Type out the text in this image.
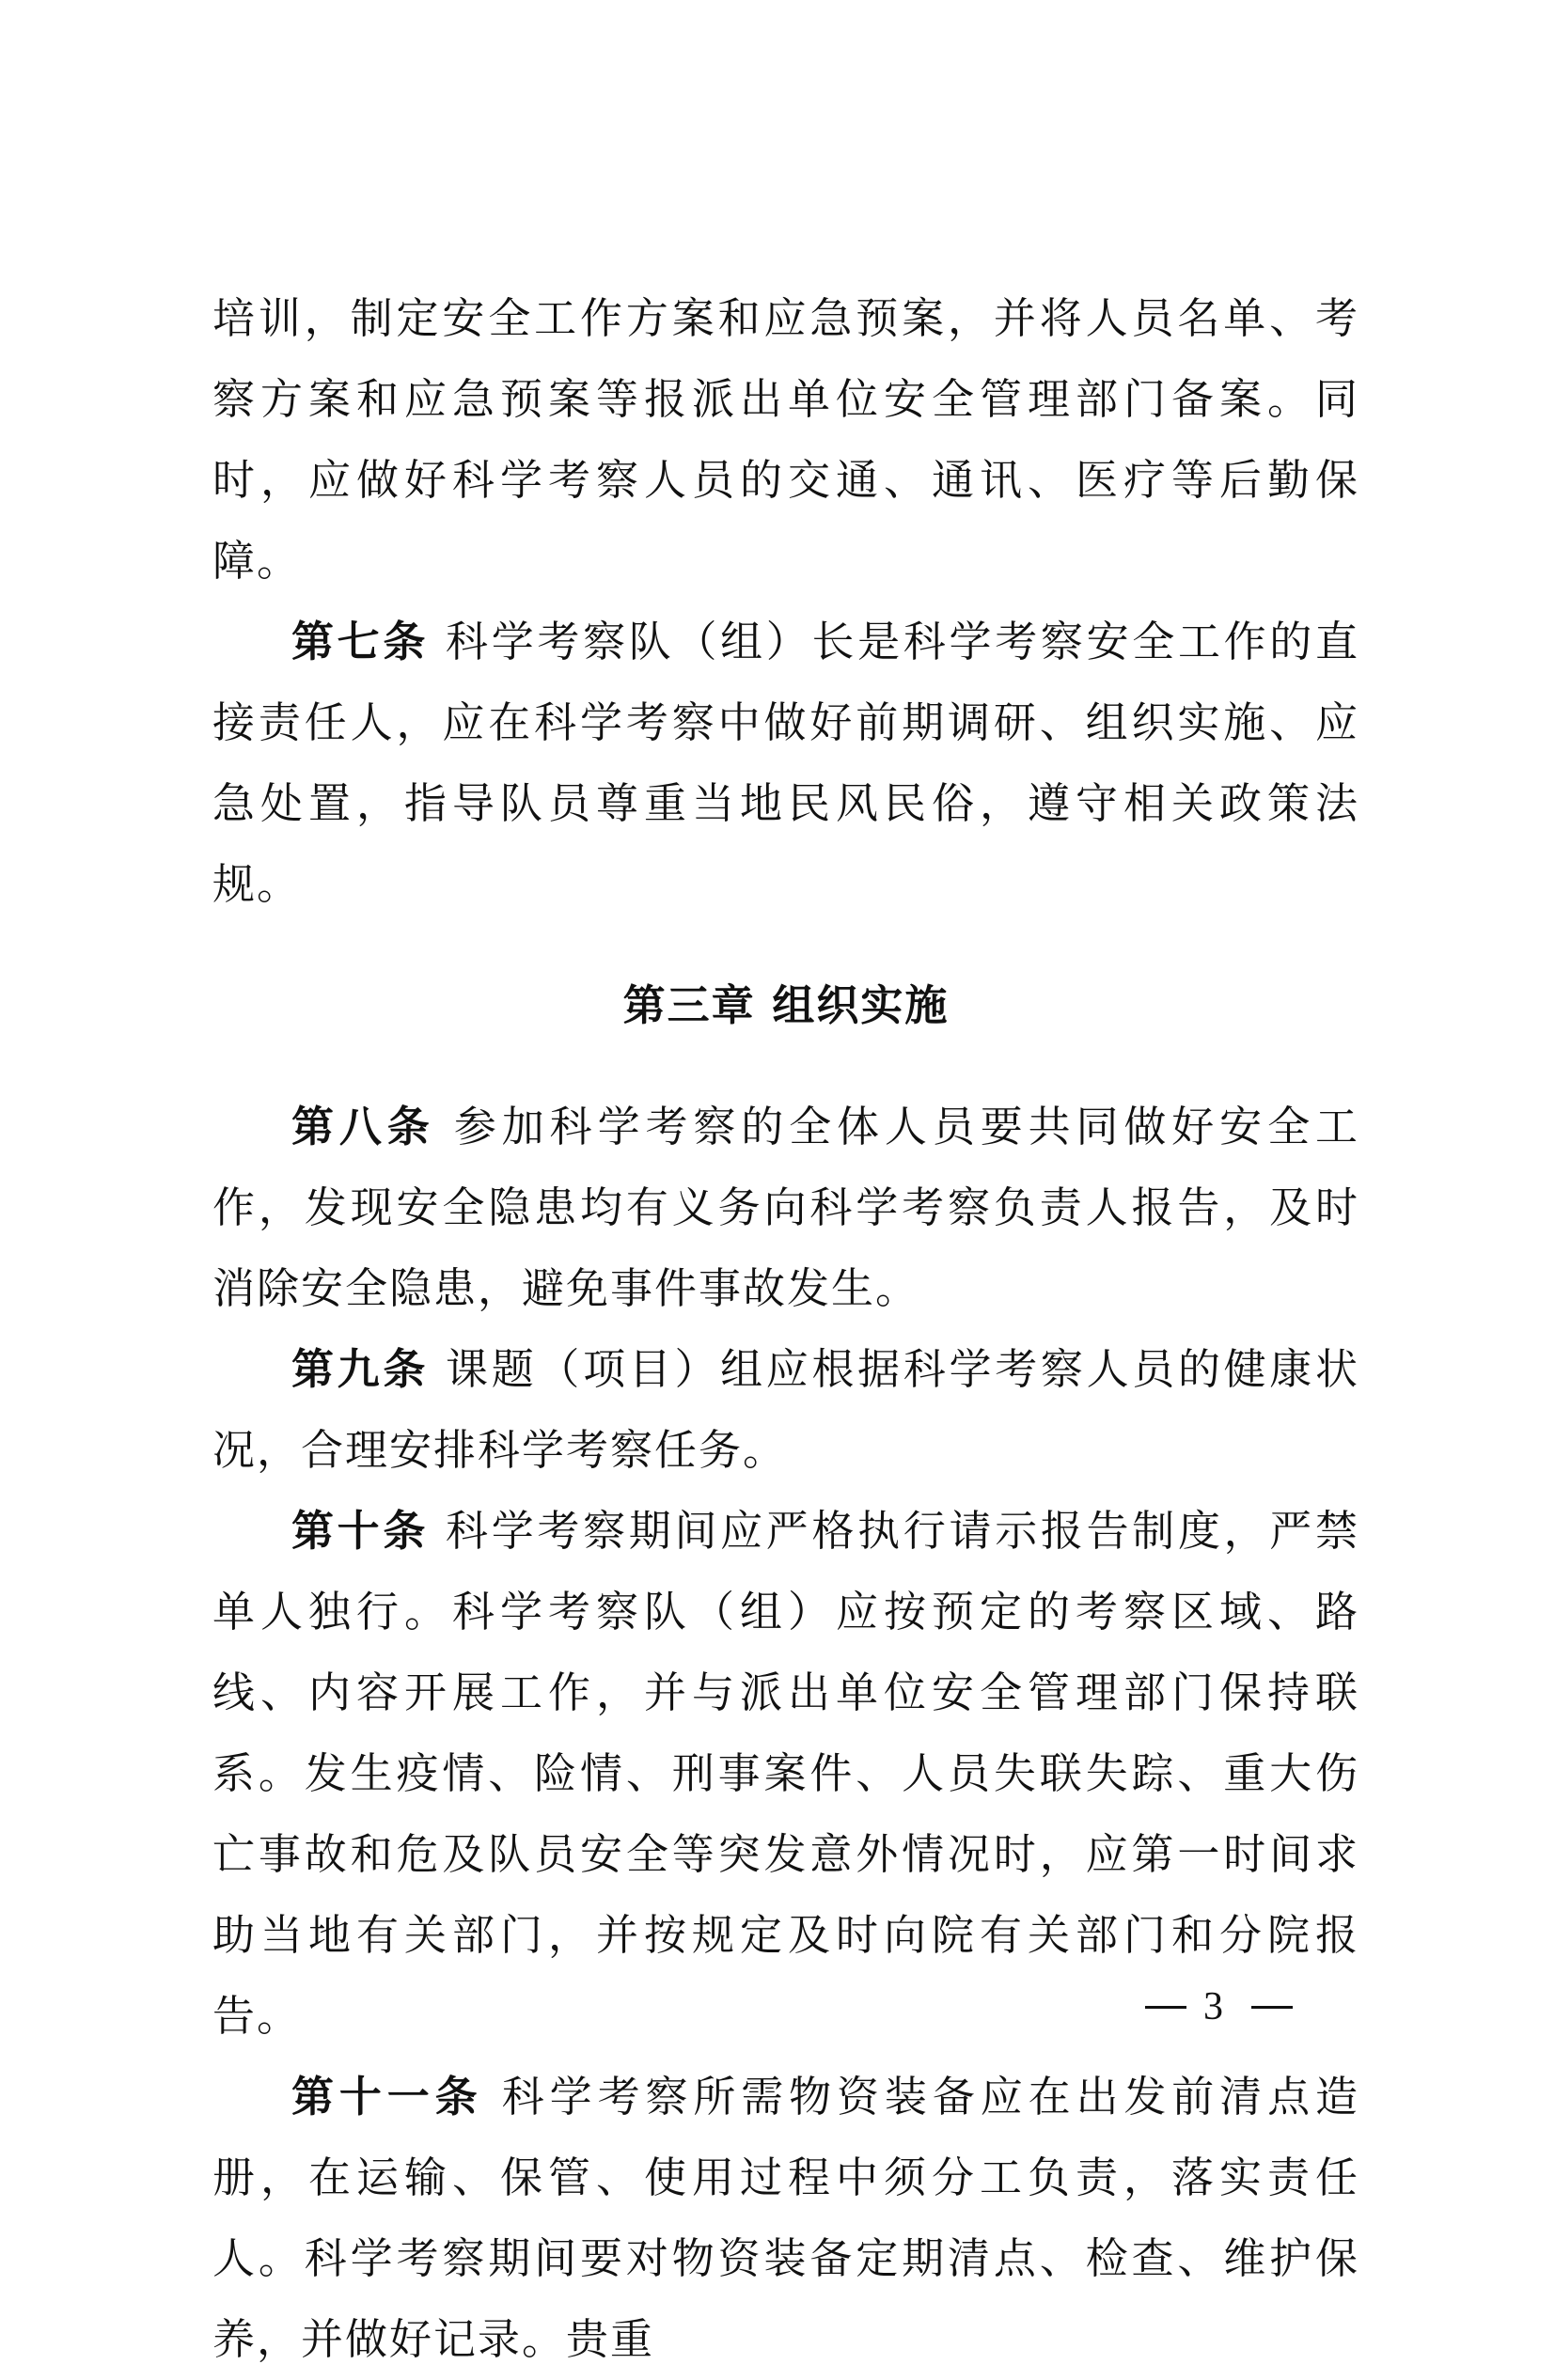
培训，制定安全工作方案和应急预案，并将人员名单、考察方案和应急预案等报派出单位安全管理部门备案。同时，应做好科学考察人员的交通、通讯、医疗等后勤保障。

第七条 科学考察队（组）长是科学考察安全工作的直接责任人，应在科学考察中做好前期调研、组织实施、应急处置，指导队员尊重当地民风民俗，遵守相关政策法规。

第三章 组织实施

第八条 参加科学考察的全体人员要共同做好安全工作，发现安全隐患均有义务向科学考察负责人报告，及时消除安全隐患，避免事件事故发生。

第九条 课题（项目）组应根据科学考察人员的健康状况，合理安排科学考察任务。

第十条 科学考察期间应严格执行请示报告制度，严禁单人独行。科学考察队（组）应按预定的考察区域、路线、内容开展工作，并与派出单位安全管理部门保持联系。发生疫情、险情、刑事案件、人员失联失踪、重大伤亡事故和危及队员安全等突发意外情况时，应第一时间求助当地有关部门，并按规定及时向院有关部门和分院报告。

第十一条 科学考察所需物资装备应在出发前清点造册，在运输、保管、使用过程中须分工负责，落实责任人。科学考察期间要对物资装备定期清点、检查、维护保养，并做好记录。贵重

3
